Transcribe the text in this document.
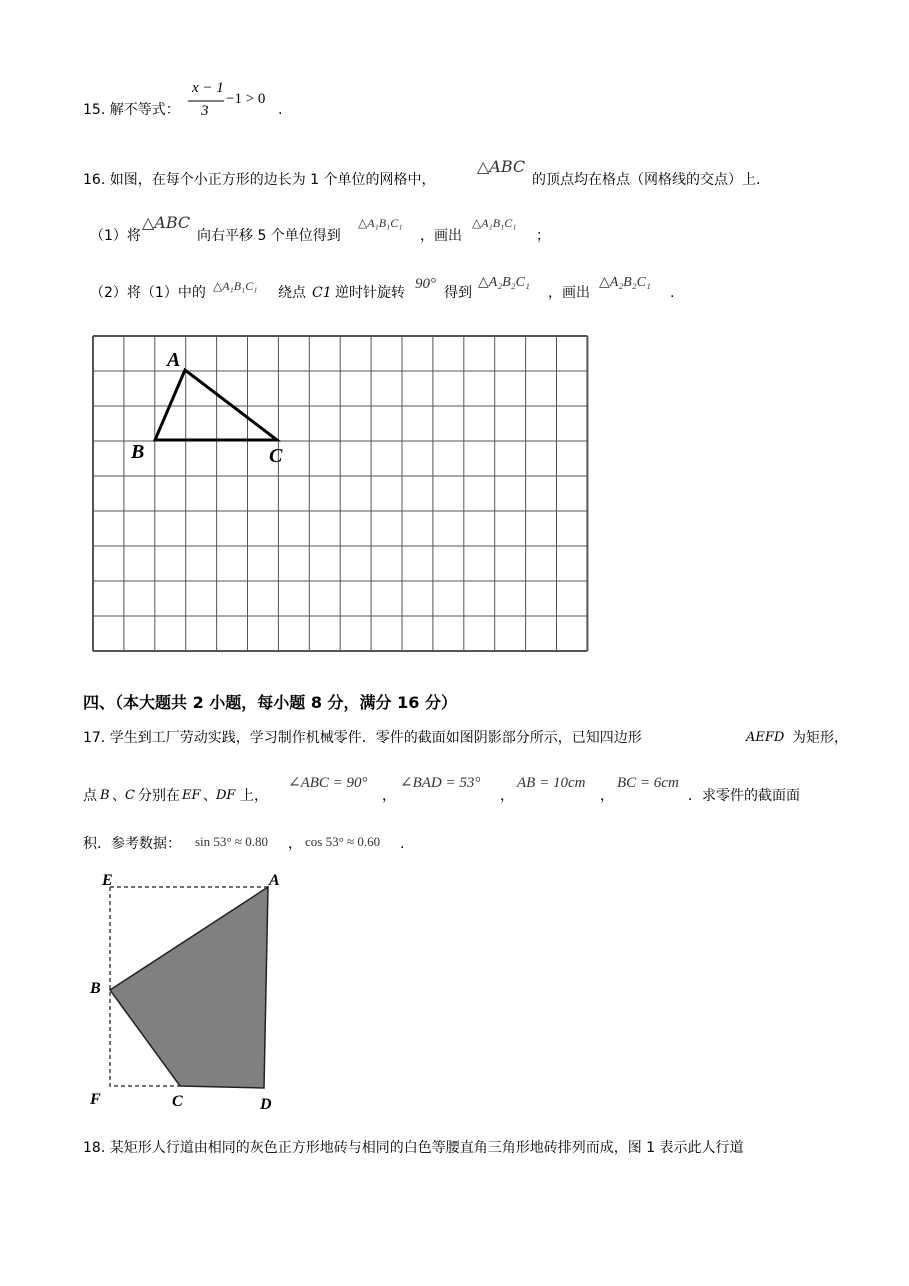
15. 解不等式：
x − 1
3
−1 > 0
.
16. 如图，在每个小正方形的边长为 1 个单位的网格中，
△ABC
的顶点均在格点（网格线的交点）上.
（1）将
△ABC
向右平移 5 个单位得到
△A₁B₁C₁
，画出
△A₁B₁C₁
；
（2）将（1）中的 △A₁B₁C₁ 绕点 C1 逆时针旋转
90°
得到
△A₂B₂C₁
，画出
△A₂B₂C₁
.
A
B	C
四、（本大题共 2 小题，每小题 8 分，满分 16 分）
17. 学生到工厂劳动实践，学习制作机械零件．零件的截面如图阴影部分所示，已知四边形	AEFD 为矩形，
点 B 、 C 分别在 EF 、 DF 上，
∠ABC = 90°
，
∠BAD = 53°
，
AB = 10cm
，
BC = 6cm
．求零件的截面面
积．参考数据： sin 53° ≈ 0.80 ， cos 53° ≈ 0.60 .
E	A
B
F	C	D
18. 某矩形人行道由相同的灰色正方形地砖与相同的白色等腰直角三角形地砖排列而成，图 1 表示此人行道
